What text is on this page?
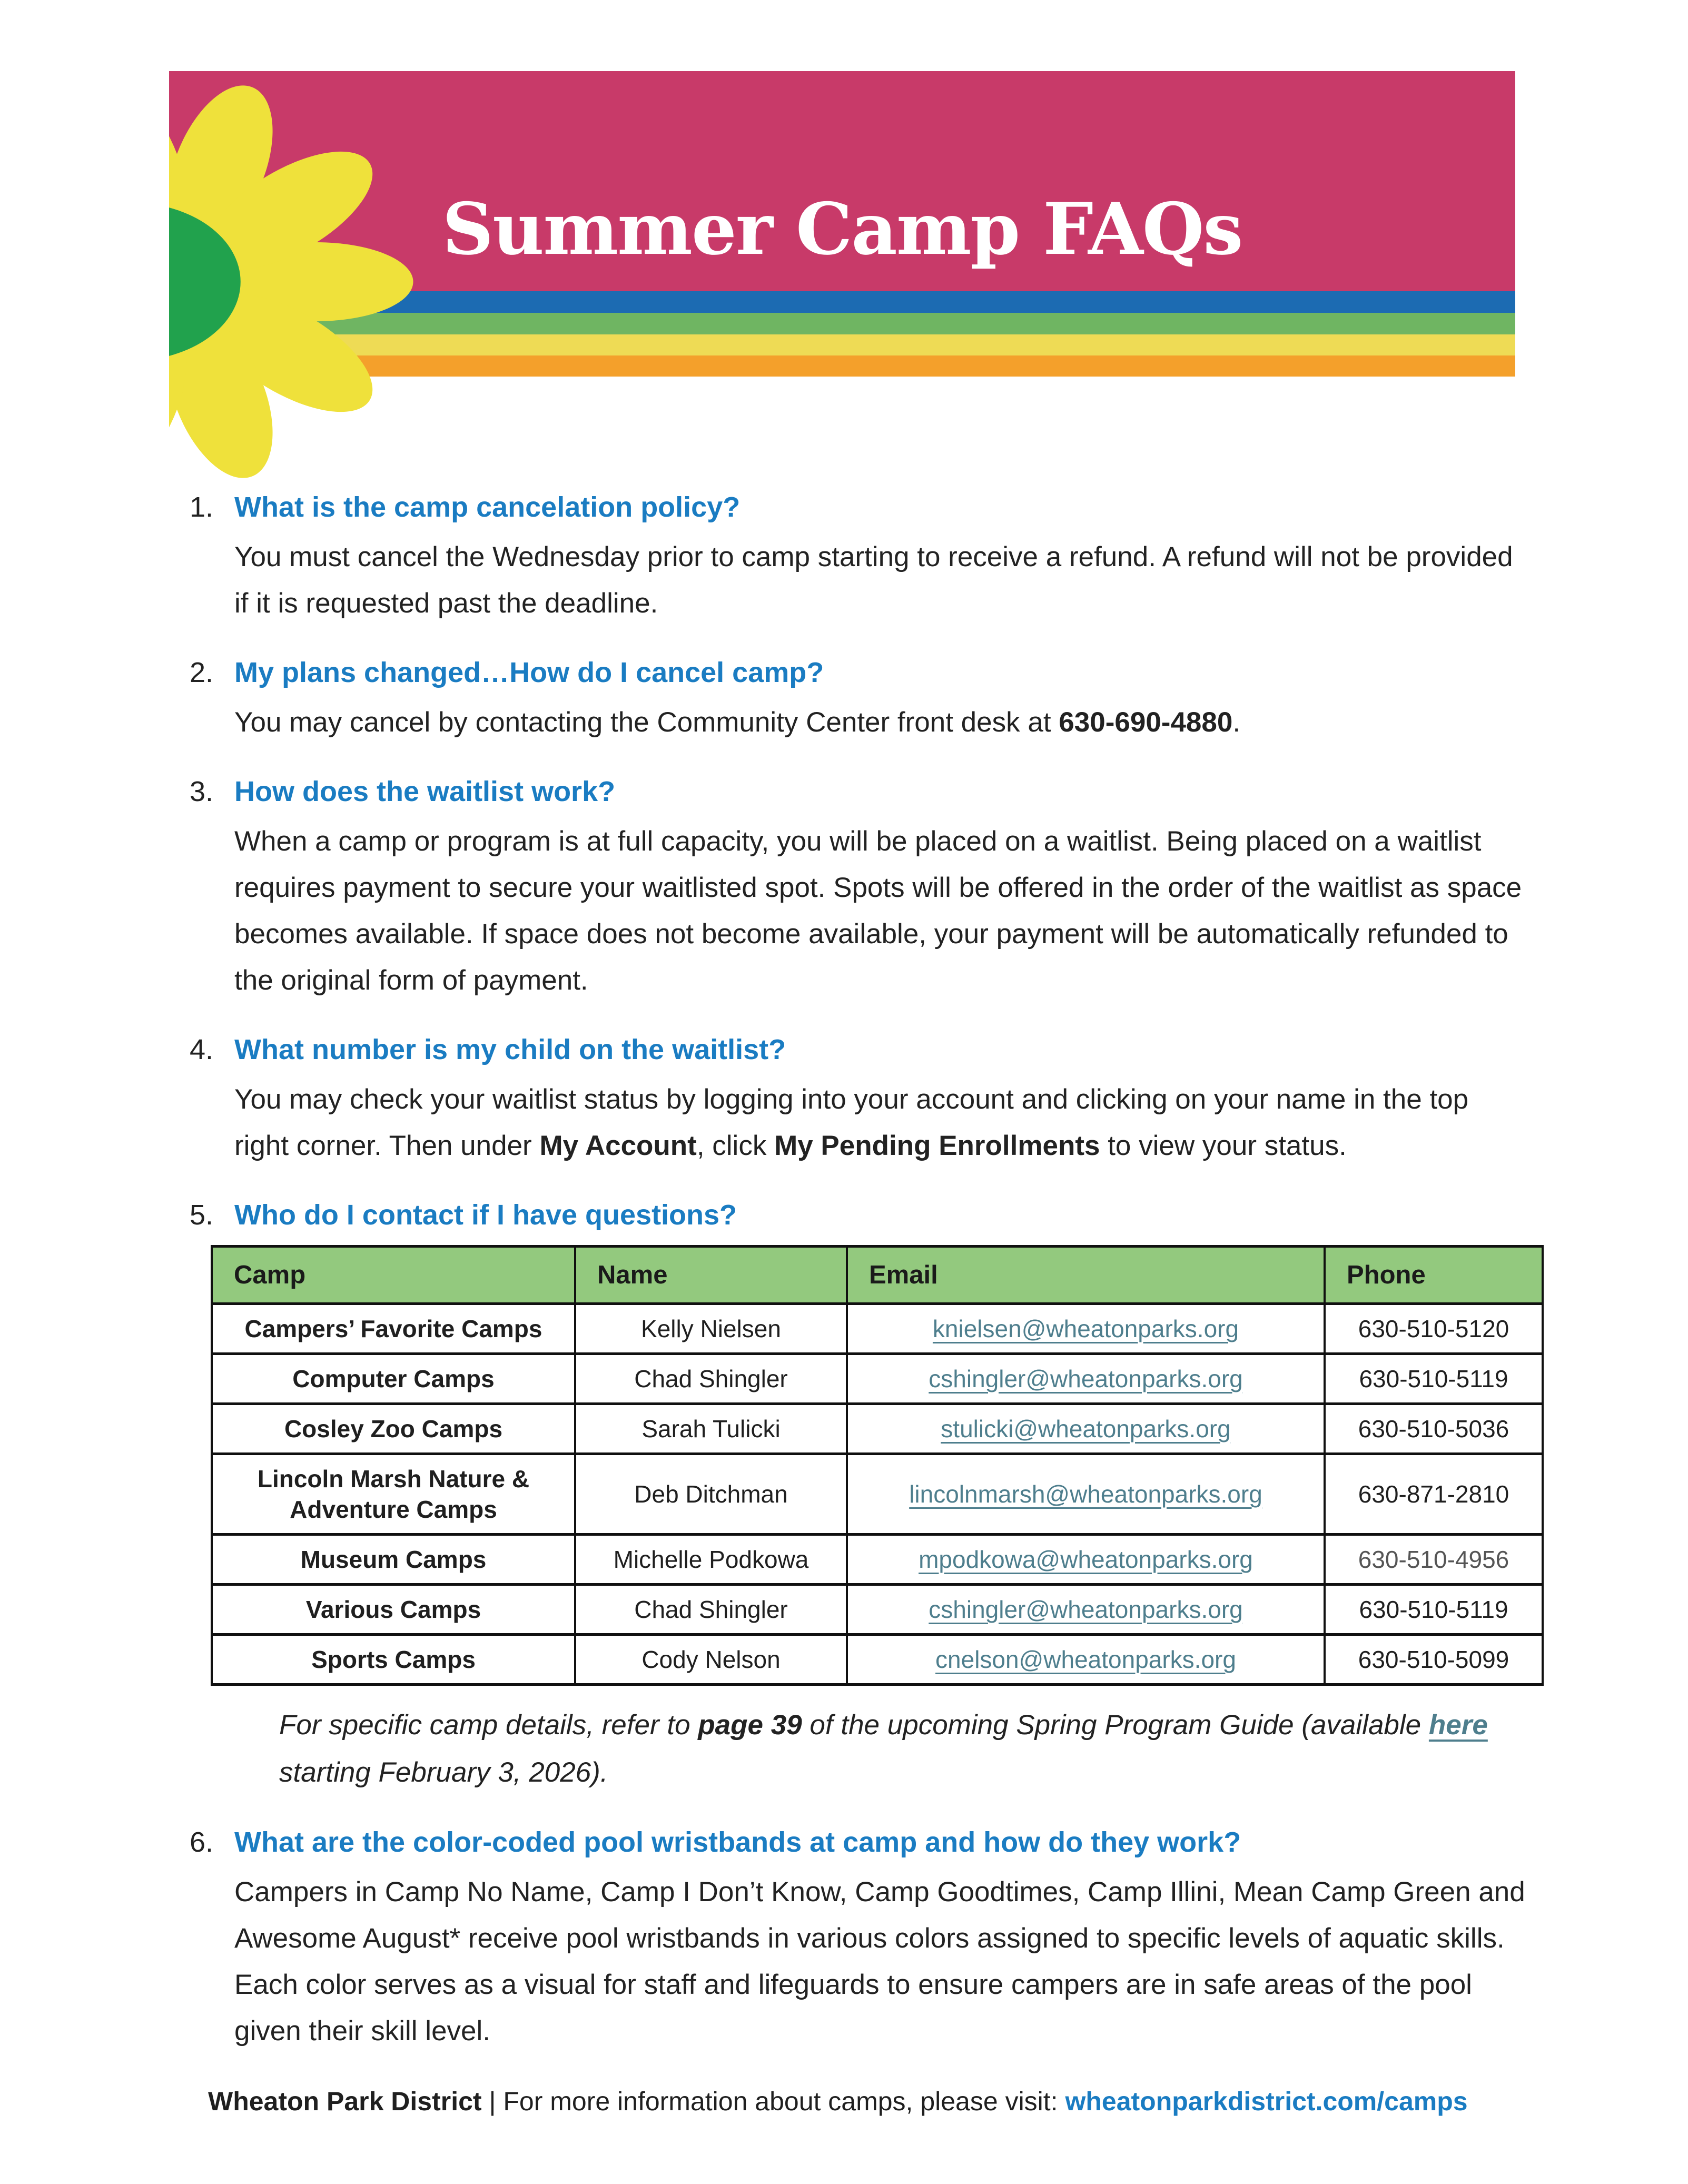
Summer Camp FAQs
1. What is the camp cancelation policy?

You must cancel the Wednesday prior to camp starting to receive a refund. A refund will not be provided if it is requested past the deadline.

2. My plans changed…How do I cancel camp?

You may cancel by contacting the Community Center front desk at 630-690-4880.

3. How does the waitlist work?

When a camp or program is at full capacity, you will be placed on a waitlist. Being placed on a waitlist requires payment to secure your waitlisted spot. Spots will be offered in the order of the waitlist as space becomes available. If space does not become available, your payment will be automatically refunded to the original form of payment.

4. What number is my child on the waitlist?

You may check your waitlist status by logging into your account and clicking on your name in the top right corner. Then under My Account, click My Pending Enrollments to view your status.

5. Who do I contact if I have questions?
Camp	Name	Email	Phone
Campers’ Favorite Camps	Kelly Nielsen	knielsen@wheatonparks.org	630-510-5120
Computer Camps	Chad Shingler	cshingler@wheatonparks.org	630-510-5119
Cosley Zoo Camps	Sarah Tulicki	stulicki@wheatonparks.org	630-510-5036
Lincoln Marsh Nature & Adventure Camps	Deb Ditchman	lincolnmarsh@wheatonparks.org	630-871-2810
Museum Camps	Michelle Podkowa	mpodkowa@wheatonparks.org	630-510-4956
Various Camps	Chad Shingler	cshingler@wheatonparks.org	630-510-5119
Sports Camps	Cody Nelson	cnelson@wheatonparks.org	630-510-5099

For specific camp details, refer to page 39 of the upcoming Spring Program Guide (available here starting February 3, 2026).

6. What are the color-coded pool wristbands at camp and how do they work?

Campers in Camp No Name, Camp I Don’t Know, Camp Goodtimes, Camp Illini, Mean Camp Green and Awesome August* receive pool wristbands in various colors assigned to specific levels of aquatic skills. Each color serves as a visual for staff and lifeguards to ensure campers are in safe areas of the pool given their skill level.

Wheaton Park District | For more information about camps, please visit: wheatonparkdistrict.com/camps
